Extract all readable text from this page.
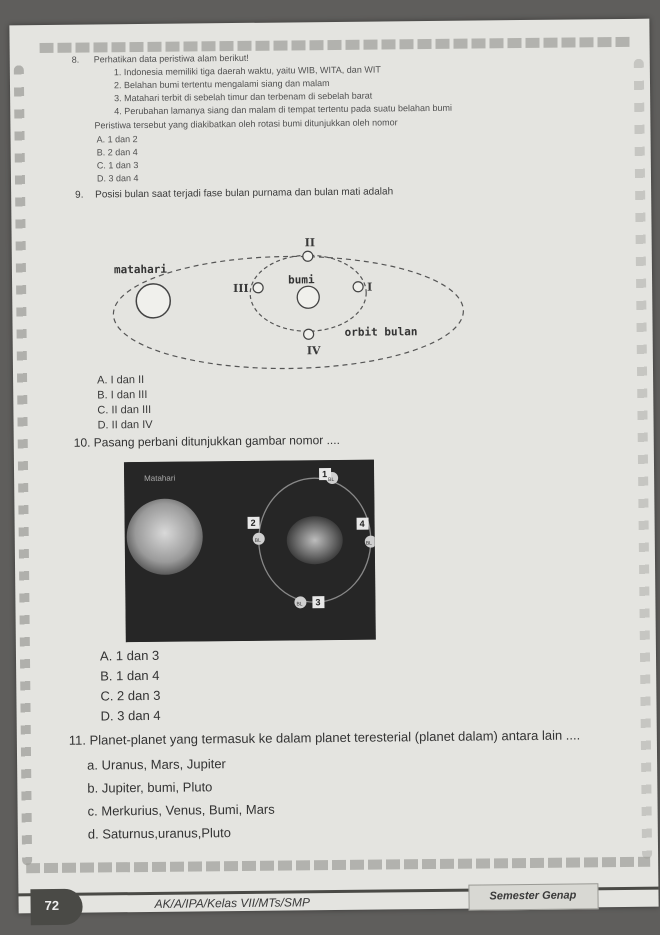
8. Perhatikan data peristiwa alam berikut!
1. Indonesia memiliki tiga daerah waktu, yaitu WIB, WITA, dan WIT
2. Belahan bumi tertentu mengalami siang dan malam
3. Matahari terbit di sebelah timur dan terbenam di sebelah barat
4. Perubahan lamanya siang dan malam di tempat tertentu pada suatu belahan bumi
Peristiwa tersebut yang diakibatkan oleh rotasi bumi ditunjukkan oleh nomor
A. 1 dan 2
B. 2 dan 4
C. 1 dan 3
D. 3 dan 4
9. Posisi bulan saat terjadi fase bulan purnama dan bulan mati adalah
matahari
bumi
orbit bulan
II
III	I
IV
A. I dan II
B. I dan III
C. II dan III
D. II dan IV
10. Pasang perbani ditunjukkan gambar nomor ....
Matahari	1
2
3
4
BL
BL
BL
BL
A. 1 dan 3
B. 1 dan 4
C. 2 dan 3
D. 3 dan 4
11. Planet-planet yang termasuk ke dalam planet teresterial (planet dalam) antara lain ....
a. Uranus, Mars, Jupiter
b. Jupiter, bumi, Pluto
c. Merkurius, Venus, Bumi, Mars
d. Saturnus,uranus,Pluto
72	AK/A/IPA/Kelas VII/MTs/SMP	Semester Genap
